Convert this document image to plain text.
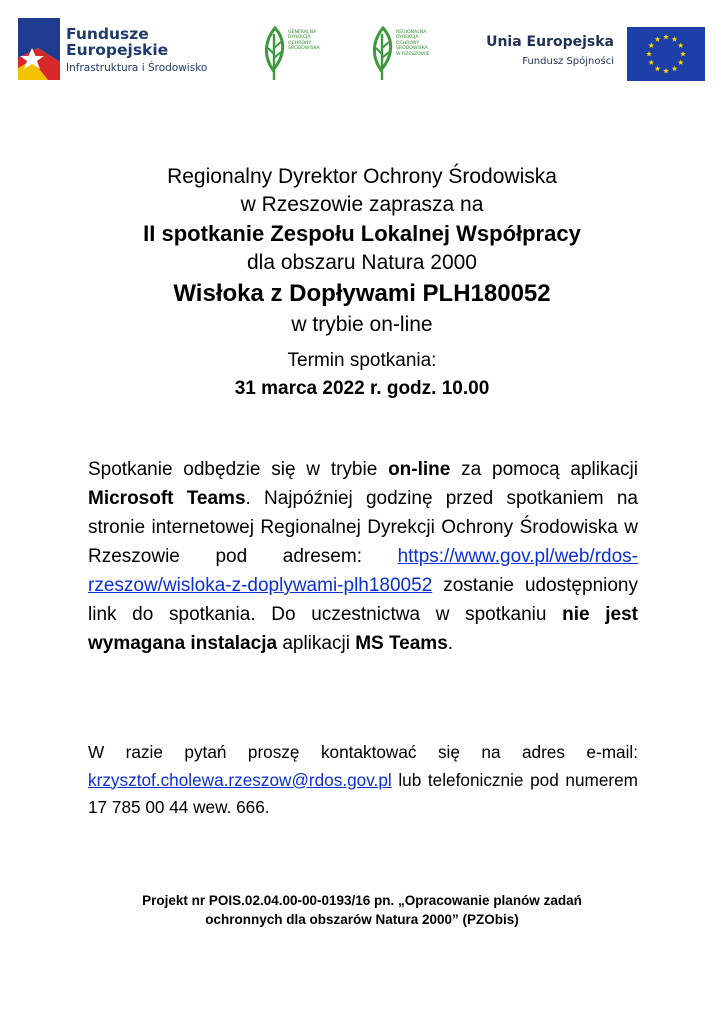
Fundusze
Europejskie
Infrastruktura i Środowisko
GENERALNA
DYREKCJA
OCHRONY
ŚRODOWISKA
REGIONALNA
DYREKCJA
OCHRONY
ŚRODOWISKA
W RZESZOWIE
Unia Europejska
Fundusz Spójności
Regionalny Dyrektor Ochrony Środowiska
w Rzeszowie zaprasza na
II spotkanie Zespołu Lokalnej Współpracy
dla obszaru Natura 2000
Wisłoka z Dopływami PLH180052
w trybie on-line
Termin spotkania:
31 marca 2022 r. godz. 10.00
Spotkanie odbędzie się w trybie on-line za pomocą aplikacji Microsoft Teams. Najpóźniej godzinę przed spotkaniem na stronie internetowej Regionalnej Dyrekcji Ochrony Środowiska w Rzeszowie pod adresem: https://www.gov.pl/web/rdos-rzeszow/wisloka-z-doplywami-plh180052 zostanie udostępniony link do spotkania. Do uczestnictwa w spotkaniu nie jest wymagana instalacja aplikacji MS Teams.
W razie pytań proszę kontaktować się na adres e-mail: krzysztof.cholewa.rzeszow@rdos.gov.pl lub telefonicznie pod numerem 17 785 00 44 wew. 666.
Projekt nr POIS.02.04.00-00-0193/16 pn. „Opracowanie planów zadań
ochronnych dla obszarów Natura 2000” (PZObis)
